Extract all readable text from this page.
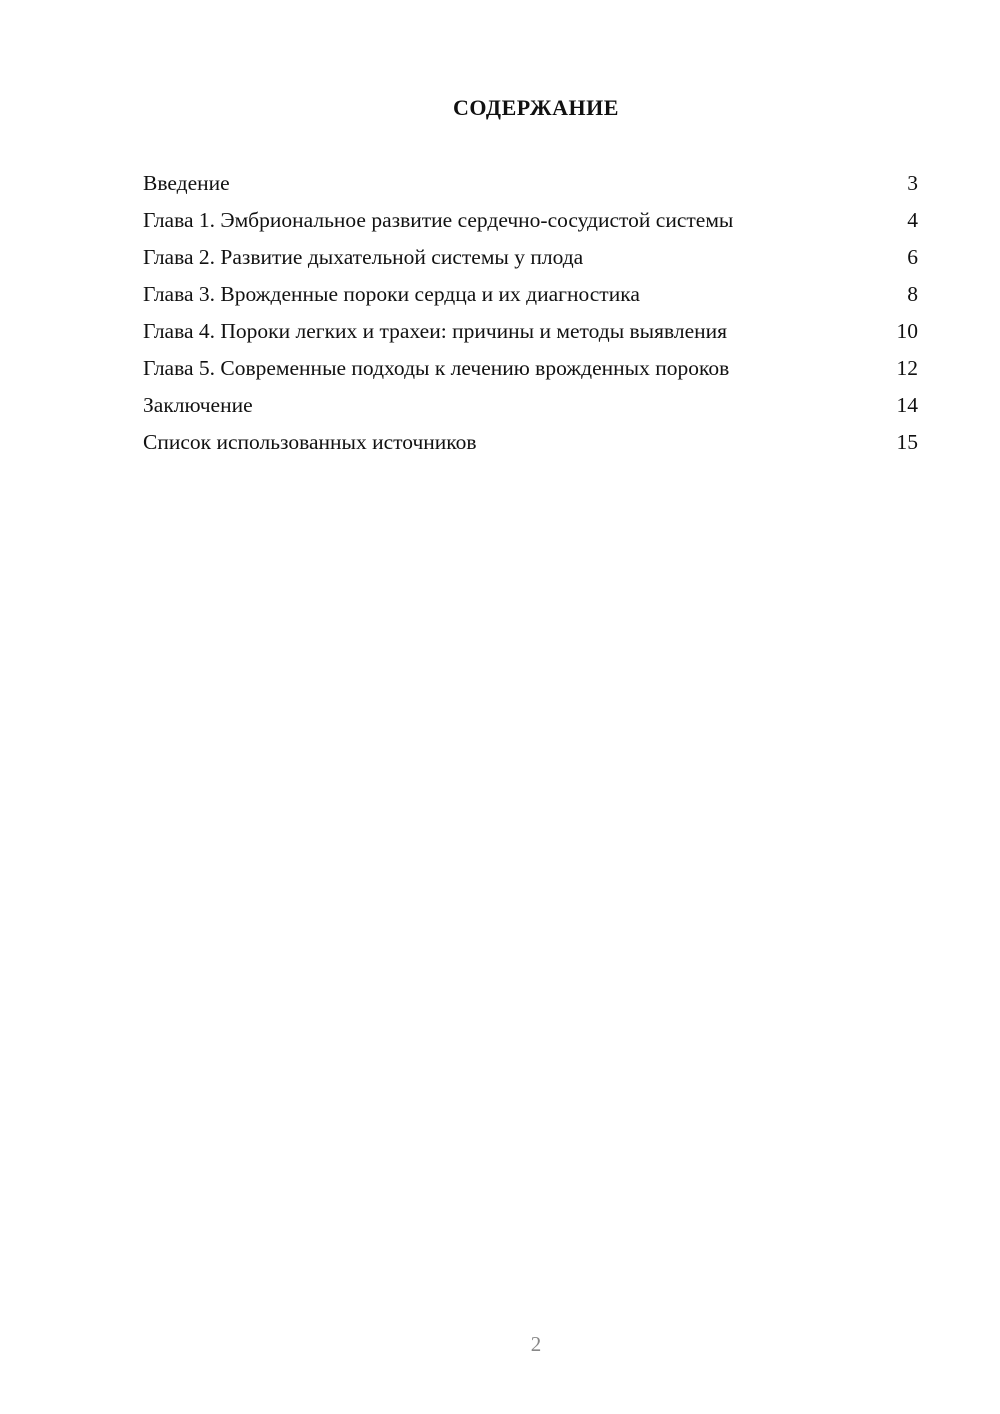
СОДЕРЖАНИЕ
Введение	3
Глава 1. Эмбриональное развитие сердечно-сосудистой системы	4
Глава 2. Развитие дыхательной системы у плода	6
Глава 3. Врожденные пороки сердца и их диагностика	8
Глава 4. Пороки легких и трахеи: причины и методы выявления	10
Глава 5. Современные подходы к лечению врожденных пороков	12
Заключение	14
Список использованных источников	15
2
